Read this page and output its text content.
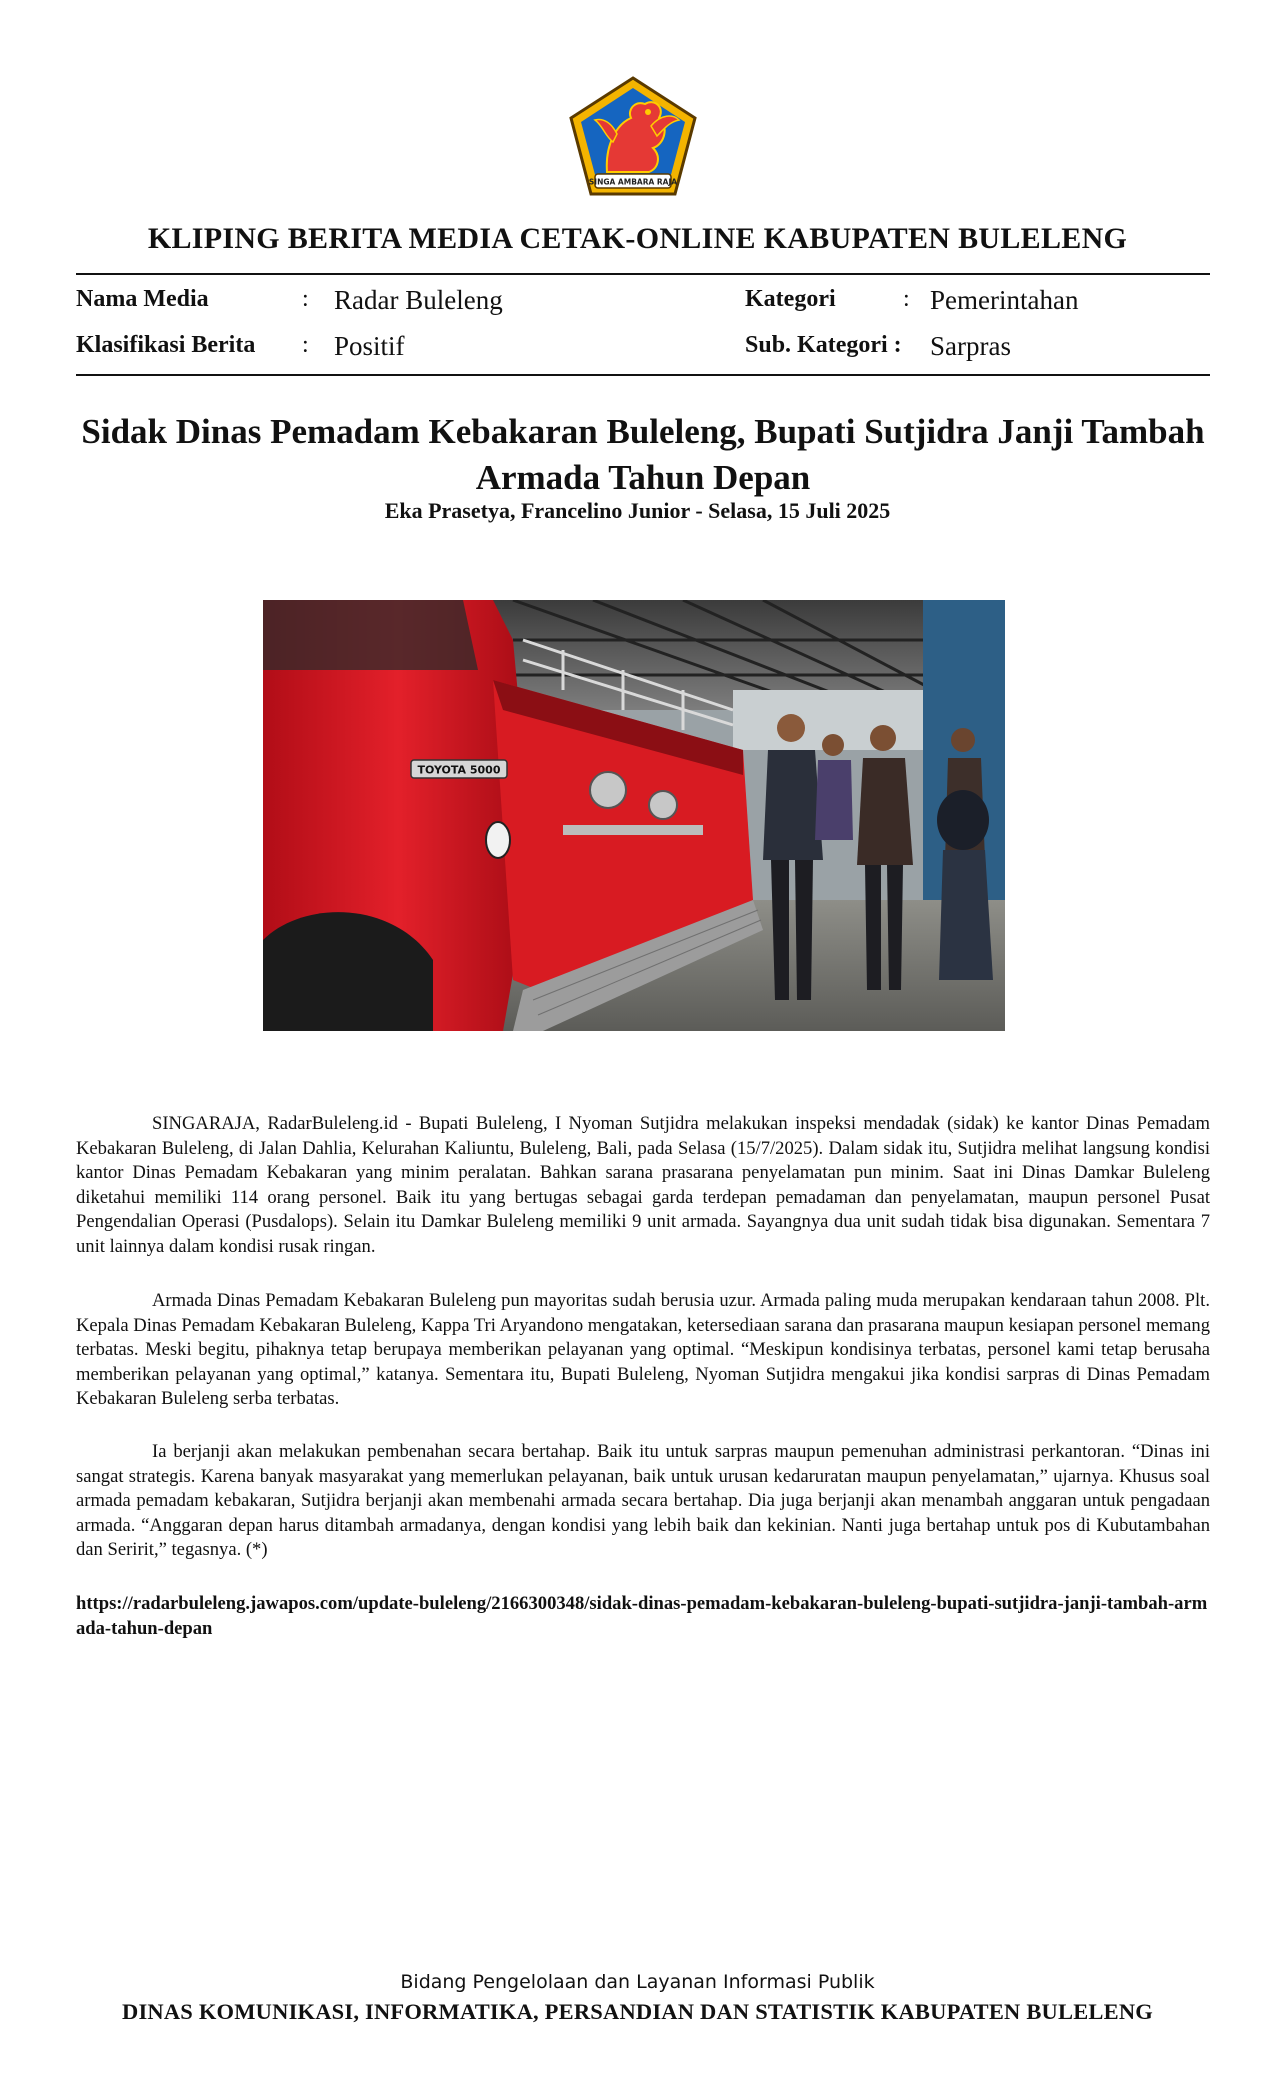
SINGA AMBARA RAJA
KLIPING BERITA MEDIA CETAK-ONLINE KABUPATEN BULELENG
Nama Media	: Radar Buleleng
Klasifikasi Berita : Positif
Kategori	: Pemerintahan
Sub. Kategori : Sarpras
Sidak Dinas Pemadam Kebakaran Buleleng, Bupati Sutjidra Janji Tambah Armada Tahun Depan
Eka Prasetya, Francelino Junior - Selasa, 15 Juli 2025
TOYOTA 5000
SINGARAJA, RadarBuleleng.id - Bupati Buleleng, I Nyoman Sutjidra melakukan inspeksi mendadak (sidak) ke kantor Dinas Pemadam Kebakaran Buleleng, di Jalan Dahlia, Kelurahan Kaliuntu, Buleleng, Bali, pada Selasa (15/7/2025). Dalam sidak itu, Sutjidra melihat langsung kondisi kantor Dinas Pemadam Kebakaran yang minim peralatan. Bahkan sarana prasarana penyelamatan pun minim. Saat ini Dinas Damkar Buleleng diketahui memiliki 114 orang personel. Baik itu yang bertugas sebagai garda terdepan pemadaman dan penyelamatan, maupun personel Pusat Pengendalian Operasi (Pusdalops). Selain itu Damkar Buleleng memiliki 9 unit armada. Sayangnya dua unit sudah tidak bisa digunakan. Sementara 7 unit lainnya dalam kondisi rusak ringan.
Armada Dinas Pemadam Kebakaran Buleleng pun mayoritas sudah berusia uzur. Armada paling muda merupakan kendaraan tahun 2008. Plt. Kepala Dinas Pemadam Kebakaran Buleleng, Kappa Tri Aryandono mengatakan, ketersediaan sarana dan prasarana maupun kesiapan personel memang terbatas. Meski begitu, pihaknya tetap berupaya memberikan pelayanan yang optimal. “Meskipun kondisinya terbatas, personel kami tetap berusaha memberikan pelayanan yang optimal,” katanya. Sementara itu, Bupati Buleleng, Nyoman Sutjidra mengakui jika kondisi sarpras di Dinas Pemadam Kebakaran Buleleng serba terbatas.
Ia berjanji akan melakukan pembenahan secara bertahap. Baik itu untuk sarpras maupun pemenuhan administrasi perkantoran. “Dinas ini sangat strategis. Karena banyak masyarakat yang memerlukan pelayanan, baik untuk urusan kedaruratan maupun penyelamatan,” ujarnya. Khusus soal armada pemadam kebakaran, Sutjidra berjanji akan membenahi armada secara bertahap. Dia juga berjanji akan menambah anggaran untuk pengadaan armada. “Anggaran depan harus ditambah armadanya, dengan kondisi yang lebih baik dan kekinian. Nanti juga bertahap untuk pos di Kubutambahan dan Seririt,” tegasnya. (*)
https://radarbuleleng.jawapos.com/update-buleleng/2166300348/sidak-dinas-pemadam-kebakaran-buleleng-bupati-sutjidra-janji-tambah-armada-tahun-depan
Bidang Pengelolaan dan Layanan Informasi Publik
DINAS KOMUNIKASI, INFORMATIKA, PERSANDIAN DAN STATISTIK KABUPATEN BULELENG
